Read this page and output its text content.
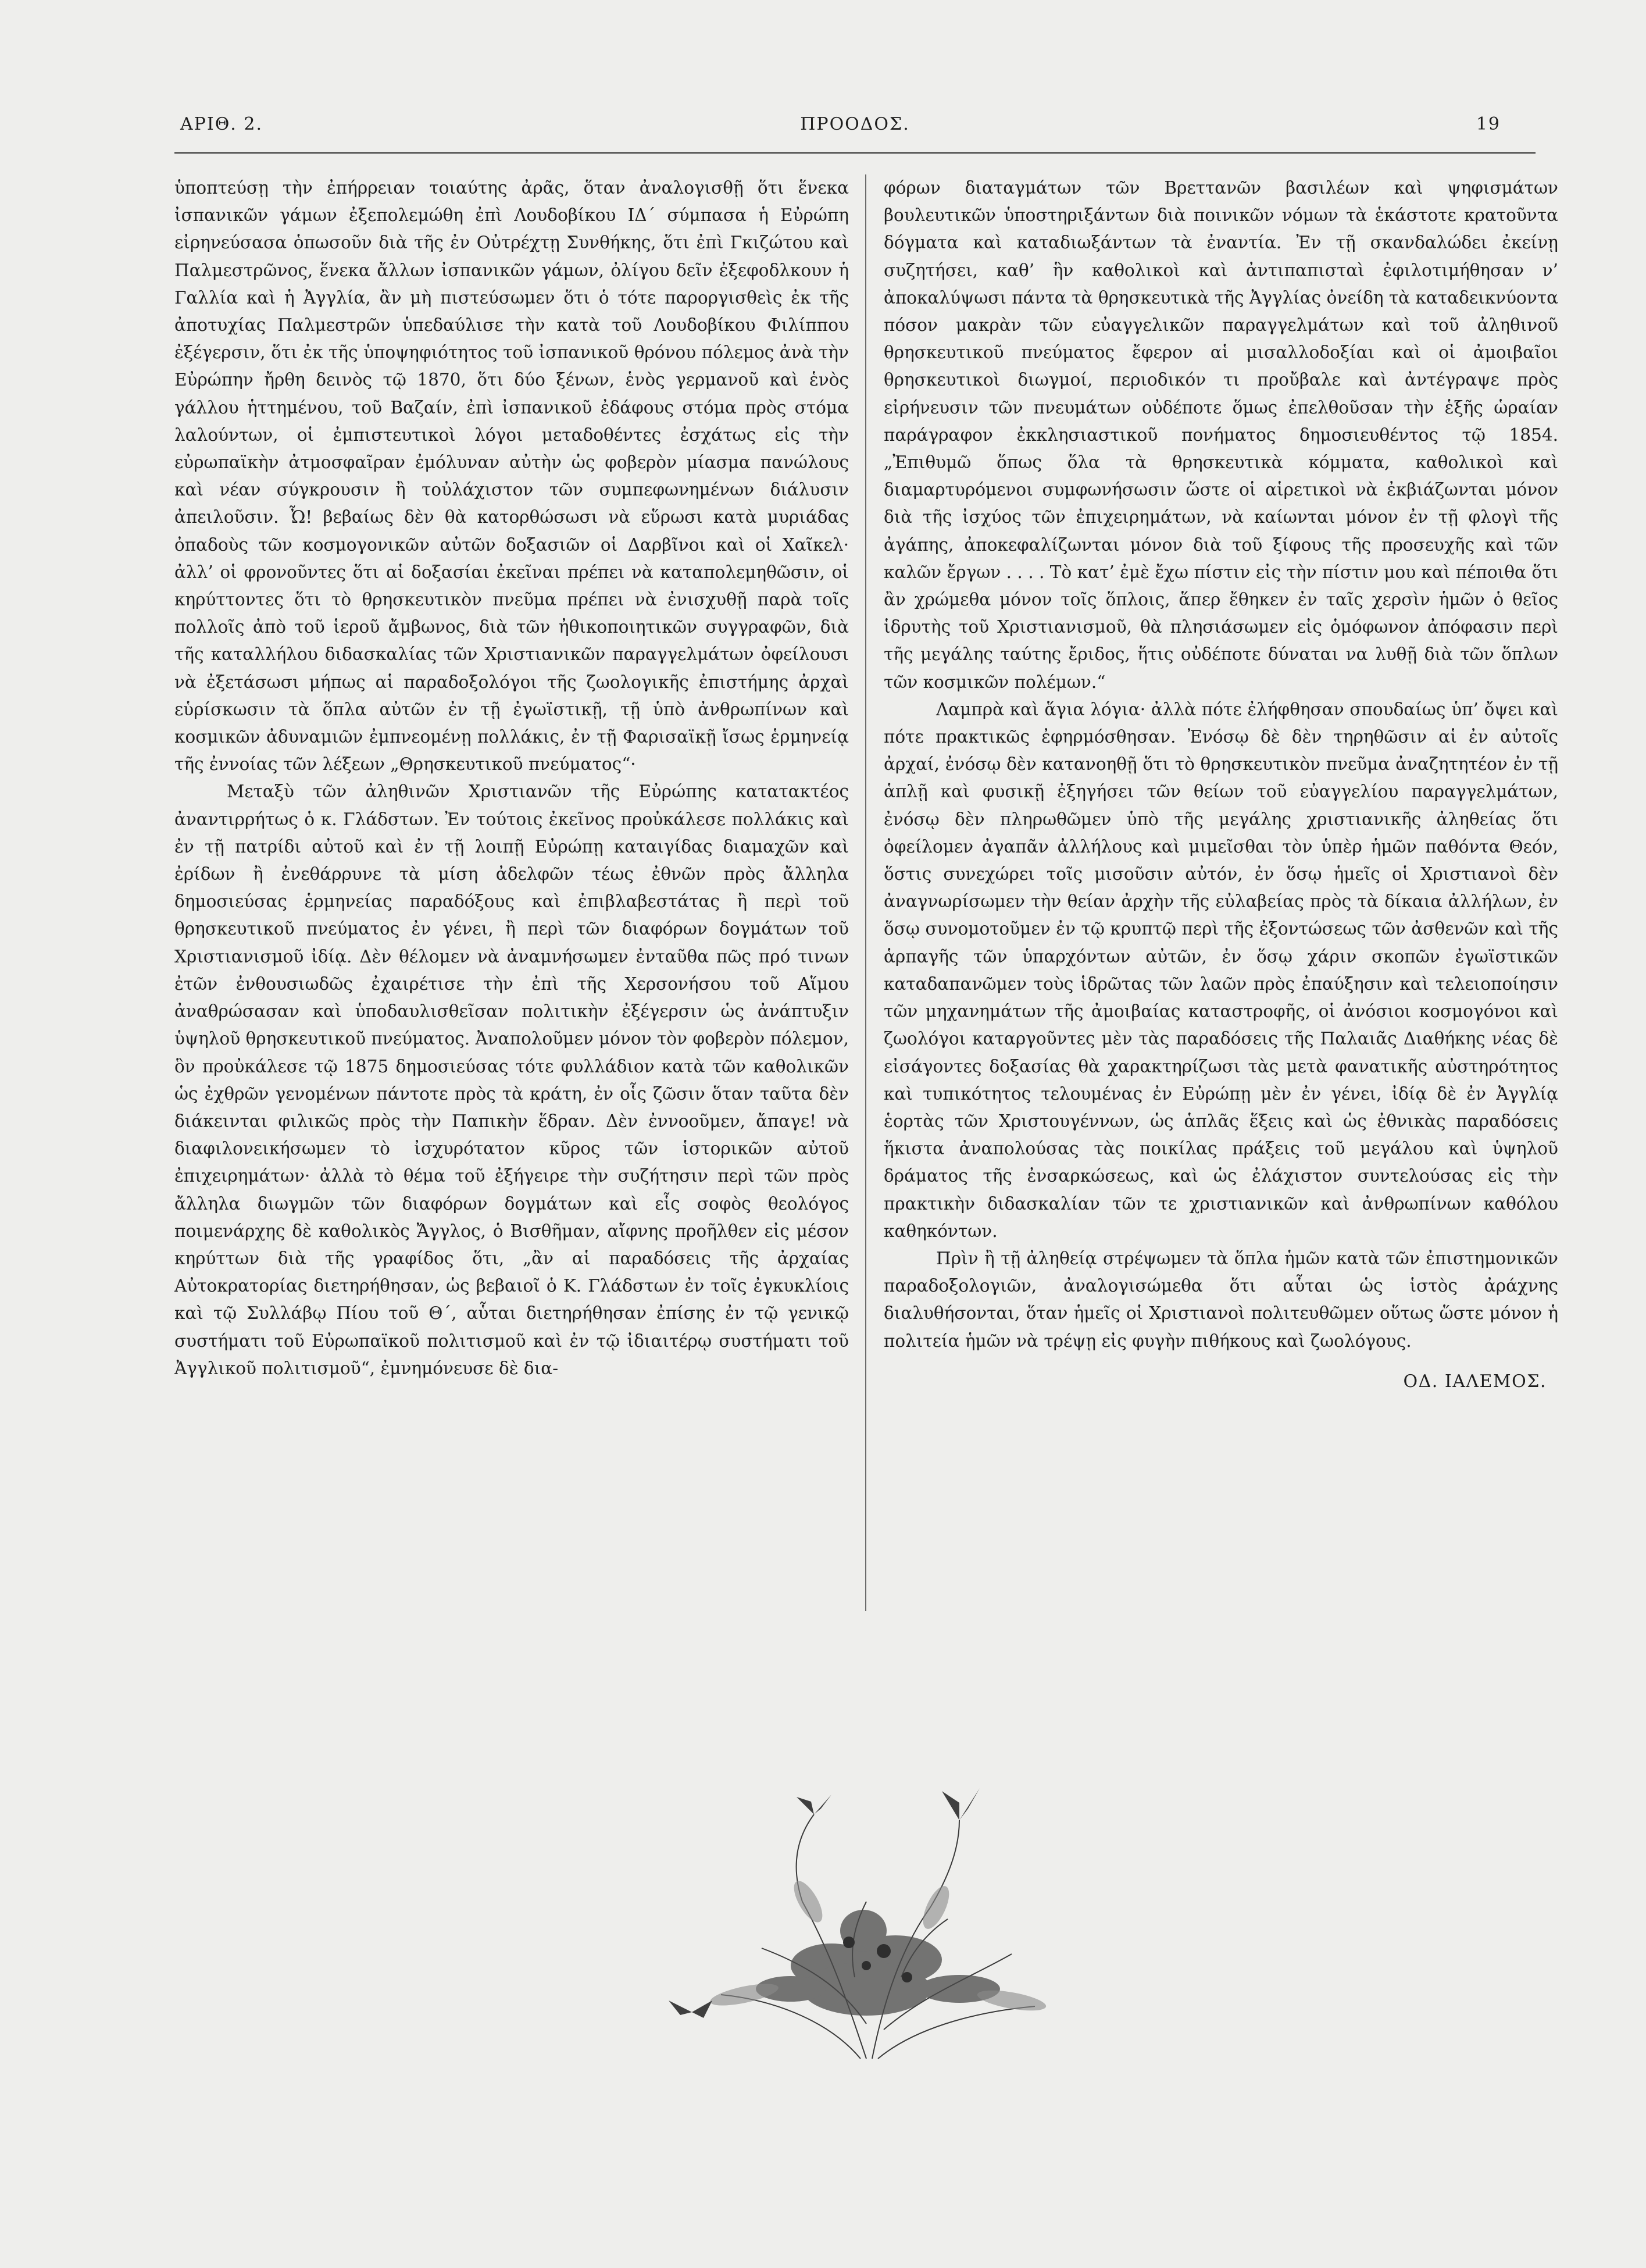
ΑΡΙΘ. 2.	ΠΡΟΟΔΟΣ.	19

ὑποπτεύσῃ τὴν ἐπήρρειαν τοιαύτης ἀρᾶς, ὅταν ἀναλογισθῇ ὅτι ἕνεκα ἰσπανικῶν γάμων ἐξεπολεμώθη ἐπὶ Λουδοβίκου ΙΔ΄ σύμπασα ἡ Εὐρώπη εἰρηνεύσασα ὁπωσοῦν διὰ τῆς ἐν Οὐτρέχτῃ Συνθήκης, ὅτι ἐπὶ Γκιζώτου καὶ Παλμεστρῶνος, ἕνεκα ἄλλων ἰσπανικῶν γάμων, ὀλίγου δεῖν ἐξεφοδλκουν ἡ Γαλλία καὶ ἡ Ἀγγλία, ἂν μὴ πιστεύσωμεν ὅτι ὁ τότε παροργισθεὶς ἐκ τῆς ἀποτυχίας Παλμεστρῶν ὑπεδαύλισε τὴν κατὰ τοῦ Λουδοβίκου Φιλίππου ἐξέγερσιν, ὅτι ἐκ τῆς ὑποψηφιότητος τοῦ ἰσπανικοῦ θρόνου πόλεμος ἀνὰ τὴν Εὐρώπην ἤρθη δεινὸς τῷ 1870, ὅτι δύο ξένων, ἑνὸς γερμανοῦ καὶ ἑνὸς γάλλου ἡττημένου, τοῦ Βαζαίν, ἐπὶ ἰσπανικοῦ ἐδάφους στόμα πρὸς στόμα λαλούντων, οἱ ἐμπιστευτικοὶ λόγοι μεταδοθέντες ἐσχάτως εἰς τὴν εὐρωπαϊκὴν ἀτμοσφαῖραν ἐμόλυναν αὐτὴν ὡς φοβερὸν μίασμα πανώλους καὶ νέαν σύγκρουσιν ἢ τοὐλάχιστον τῶν συμπεφωνημένων διάλυσιν ἀπειλοῦσιν. Ὦ! βεβαίως δὲν θὰ κατορθώσωσι νὰ εὕρωσι κατὰ μυριάδας ὀπαδοὺς τῶν κοσμογονικῶν αὐτῶν δοξασιῶν οἱ Δαρβῖνοι καὶ οἱ Χαῖκελ· ἀλλ’ οἱ φρονοῦντες ὅτι αἱ δοξασίαι ἐκεῖναι πρέπει νὰ καταπολεμηθῶσιν, οἱ κηρύττοντες ὅτι τὸ θρησκευτικὸν πνεῦμα πρέπει νὰ ἐνισχυθῇ παρὰ τοῖς πολλοῖς ἀπὸ τοῦ ἱεροῦ ἄμβωνος, διὰ τῶν ἠθικοποιητικῶν συγγραφῶν, διὰ τῆς καταλλήλου διδασκαλίας τῶν Χριστιανικῶν παραγγελμάτων ὀφείλουσι νὰ ἐξετάσωσι μήπως αἱ παραδοξολόγοι τῆς ζωολογικῆς ἐπιστήμης ἀρχαὶ εὑρίσκωσιν τὰ ὅπλα αὐτῶν ἐν τῇ ἐγωϊστικῇ, τῇ ὑπὸ ἀνθρωπίνων καὶ κοσμικῶν ἀδυναμιῶν ἐμπνεομένῃ πολλάκις, ἐν τῇ Φαρισαϊκῇ ἴσως ἑρμηνείᾳ τῆς ἐννοίας τῶν λέξεων „Θρησκευτικοῦ πνεύματος“·

Μεταξὺ τῶν ἀληθινῶν Χριστιανῶν τῆς Εὐρώπης κατατακτέος ἀναντιρρήτως ὁ κ. Γλάδστων. Ἐν τούτοις ἐκεῖνος προὐκάλεσε πολλάκις καὶ ἐν τῇ πατρίδι αὐτοῦ καὶ ἐν τῇ λοιπῇ Εὐρώπῃ καταιγίδας διαμαχῶν καὶ ἐρίδων ἢ ἐνεθάρρυνε τὰ μίση ἀδελφῶν τέως ἐθνῶν πρὸς ἄλληλα δημοσιεύσας ἑρμηνείας παραδόξους καὶ ἐπιβλαβεστάτας ἢ περὶ τοῦ θρησκευτικοῦ πνεύματος ἐν γένει, ἢ περὶ τῶν διαφόρων δογμάτων τοῦ Χριστιανισμοῦ ἰδίᾳ. Δὲν θέλομεν νὰ ἀναμνήσωμεν ἐνταῦθα πῶς πρό τινων ἐτῶν ἐνθουσιωδῶς ἐχαιρέτισε τὴν ἐπὶ τῆς Χερσονήσου τοῦ Αἵμου ἀναθρώσασαν καὶ ὑποδαυλισθεῖσαν πολιτικὴν ἐξέγερσιν ὡς ἀνάπτυξιν ὑψηλοῦ θρησκευτικοῦ πνεύματος. Ἀναπολοῦμεν μόνον τὸν φοβερὸν πόλεμον, ὃν προὐκάλεσε τῷ 1875 δημοσιεύσας τότε φυλλάδιον κατὰ τῶν καθολικῶν ὡς ἐχθρῶν γενομένων πάντοτε πρὸς τὰ κράτη, ἐν οἷς ζῶσιν ὅταν ταῦτα δὲν διάκεινται φιλικῶς πρὸς τὴν Παπικὴν ἕδραν. Δὲν ἐννοοῦμεν, ἄπαγε! νὰ διαφιλονεικήσωμεν τὸ ἰσχυρότατον κῦρος τῶν ἱστορικῶν αὐτοῦ ἐπιχειρημάτων· ἀλλὰ τὸ θέμα τοῦ ἐξήγειρε τὴν συζήτησιν περὶ τῶν πρὸς ἄλληλα διωγμῶν τῶν διαφόρων δογμάτων καὶ εἷς σοφὸς θεολόγος ποιμενάρχης δὲ καθολικὸς Ἄγγλος, ὁ Βισθῆμαν, αἴφνης προῆλθεν εἰς μέσον κηρύττων διὰ τῆς γραφίδος ὅτι, „ἂν αἱ παραδόσεις τῆς ἀρχαίας Αὐτοκρατορίας διετηρήθησαν, ὡς βεβαιοῖ ὁ Κ. Γλάδστων ἐν τοῖς ἐγκυκλίοις καὶ τῷ Συλλάβῳ Πίου τοῦ Θ΄, αὗται διετηρήθησαν ἐπίσης ἐν τῷ γενικῷ συστήματι τοῦ Εὐρωπαϊκοῦ πολιτισμοῦ καὶ ἐν τῷ ἰδιαιτέρῳ συστήματι τοῦ Ἀγγλικοῦ πολιτισμοῦ“, ἐμνημόνευσε δὲ δια-

φόρων διαταγμάτων τῶν Βρεττανῶν βασιλέων καὶ ψηφισμάτων βουλευτικῶν ὑποστηριξάντων διὰ ποινικῶν νόμων τὰ ἑκάστοτε κρατοῦντα δόγματα καὶ καταδιωξάντων τὰ ἐναντία. Ἐν τῇ σκανδαλώδει ἐκείνῃ συζητήσει, καθ’ ἣν καθολικοὶ καὶ ἀντιπαπισταὶ ἐφιλοτιμήθησαν ν’ ἀποκαλύψωσι πάντα τὰ θρησκευτικὰ τῆς Ἀγγλίας ὀνείδη τὰ καταδεικνύοντα πόσον μακρὰν τῶν εὐαγγελικῶν παραγγελμάτων καὶ τοῦ ἀληθινοῦ θρησκευτικοῦ πνεύματος ἔφερον αἱ μισαλλοδοξίαι καὶ οἱ ἀμοιβαῖοι θρησκευτικοὶ διωγμοί, περιοδικόν τι προὔβαλε καὶ ἀντέγραψε πρὸς εἰρήνευσιν τῶν πνευμάτων οὐδέποτε ὅμως ἐπελθοῦσαν τὴν ἑξῆς ὡραίαν παράγραφον ἐκκλησιαστικοῦ πονήματος δημοσιευθέντος τῷ 1854. „Ἐπιθυμῶ ὅπως ὅλα τὰ θρησκευτικὰ κόμματα, καθολικοὶ καὶ διαμαρτυρόμενοι συμφωνήσωσιν ὥστε οἱ αἱρετικοὶ νὰ ἐκβιάζωνται μόνον διὰ τῆς ἰσχύος τῶν ἐπιχειρημάτων, νὰ καίωνται μόνον ἐν τῇ φλογὶ τῆς ἀγάπης, ἀποκεφαλίζωνται μόνον διὰ τοῦ ξίφους τῆς προσευχῆς καὶ τῶν καλῶν ἔργων . . . . Τὸ κατ’ ἐμὲ ἔχω πίστιν εἰς τὴν πίστιν μου καὶ πέποιθα ὅτι ἂν χρώμεθα μόνον τοῖς ὅπλοις, ἅπερ ἔθηκεν ἐν ταῖς χερσὶν ἡμῶν ὁ θεῖος ἱδρυτὴς τοῦ Χριστιανισμοῦ, θὰ πλησιάσωμεν εἰς ὁμόφωνον ἀπόφασιν περὶ τῆς μεγάλης ταύτης ἔριδος, ἥτις οὐδέποτε δύναται να λυθῇ διὰ τῶν ὅπλων τῶν κοσμικῶν πολέμων.“

Λαμπρὰ καὶ ἅγια λόγια· ἀλλὰ πότε ἐλήφθησαν σπουδαίως ὑπ’ ὄψει καὶ πότε πρακτικῶς ἐφηρμόσθησαν. Ἐνόσῳ δὲ δὲν τηρηθῶσιν αἱ ἐν αὐτοῖς ἀρχαί, ἐνόσῳ δὲν κατανοηθῇ ὅτι τὸ θρησκευτικὸν πνεῦμα ἀναζητητέον ἐν τῇ ἁπλῇ καὶ φυσικῇ ἐξηγήσει τῶν θείων τοῦ εὐαγγελίου παραγγελμάτων, ἐνόσῳ δὲν πληρωθῶμεν ὑπὸ τῆς μεγάλης χριστιανικῆς ἀληθείας ὅτι ὀφείλομεν ἀγαπᾶν ἀλλήλους καὶ μιμεῖσθαι τὸν ὑπὲρ ἡμῶν παθόντα Θεόν, ὅστις συνεχώρει τοῖς μισοῦσιν αὐτόν, ἐν ὅσῳ ἡμεῖς οἱ Χριστιανοὶ δὲν ἀναγνωρίσωμεν τὴν θείαν ἀρχὴν τῆς εὐλαβείας πρὸς τὰ δίκαια ἀλλήλων, ἐν ὅσῳ συνομοτοῦμεν ἐν τῷ κρυπτῷ περὶ τῆς ἐξοντώσεως τῶν ἀσθενῶν καὶ τῆς ἁρπαγῆς τῶν ὑπαρχόντων αὐτῶν, ἐν ὅσῳ χάριν σκοπῶν ἐγωϊστικῶν καταδαπανῶμεν τοὺς ἱδρῶτας τῶν λαῶν πρὸς ἐπαύξησιν καὶ τελειοποίησιν τῶν μηχανημάτων τῆς ἀμοιβαίας καταστροφῆς, οἱ ἀνόσιοι κοσμογόνοι καὶ ζωολόγοι καταργοῦντες μὲν τὰς παραδόσεις τῆς Παλαιᾶς Διαθήκης νέας δὲ εἰσάγοντες δοξασίας θὰ χαρακτηρίζωσι τὰς μετὰ φανατικῆς αὐστηρότητος καὶ τυπικότητος τελουμένας ἐν Εὐρώπῃ μὲν ἐν γένει, ἰδίᾳ δὲ ἐν Ἀγγλίᾳ ἑορτὰς τῶν Χριστουγέννων, ὡς ἁπλᾶς ἕξεις καὶ ὡς ἐθνικὰς παραδόσεις ἥκιστα ἀναπολούσας τὰς ποικίλας πράξεις τοῦ μεγάλου καὶ ὑψηλοῦ δράματος τῆς ἐνσαρκώσεως, καὶ ὡς ἐλάχιστον συντελούσας εἰς τὴν πρακτικὴν διδασκαλίαν τῶν τε χριστιανικῶν καὶ ἀνθρωπίνων καθόλου καθηκόντων.

Πρὶν ἢ τῇ ἀληθείᾳ στρέψωμεν τὰ ὅπλα ἡμῶν κατὰ τῶν ἐπιστημονικῶν παραδοξολογιῶν, ἀναλογισώμεθα ὅτι αὗται ὡς ἱστὸς ἀράχνης διαλυθήσονται, ὅταν ἡμεῖς οἱ Χριστιανοὶ πολιτευθῶμεν οὕτως ὥστε μόνον ἡ πολιτεία ἡμῶν νὰ τρέψῃ εἰς φυγὴν πιθήκους καὶ ζωολόγους.

ΟΔ. ΙΑΛΕΜΟΣ.
